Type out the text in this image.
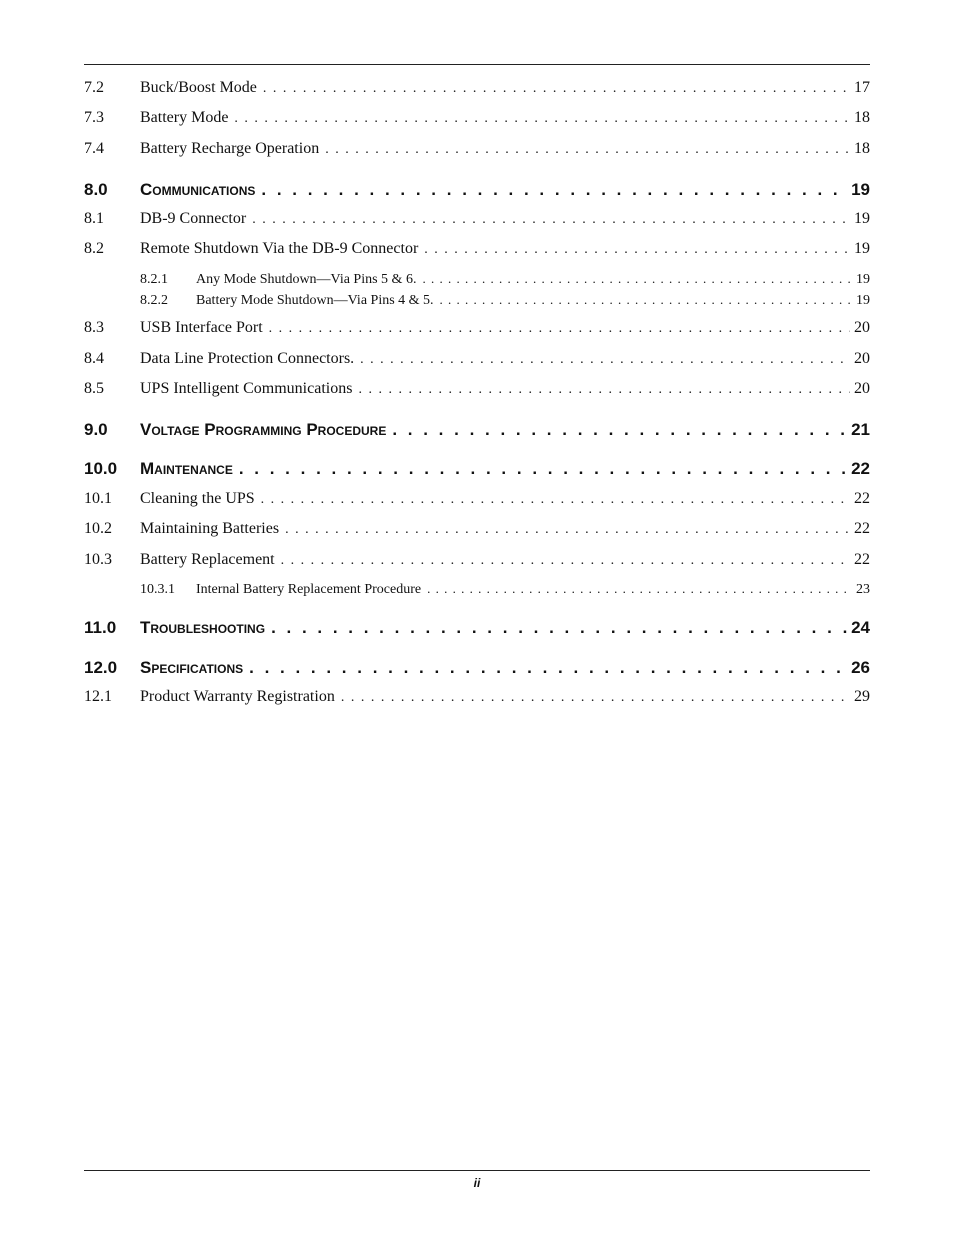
7.2	Buck/Boost Mode . . .	17
7.3	Battery Mode . . .	18
7.4	Battery Recharge Operation . . .	18
8.0	Communications . . .	19
8.1	DB-9 Connector . . .	19
8.2	Remote Shutdown Via the DB-9 Connector . . .	19
8.2.1	Any Mode Shutdown—Via Pins 5 & 6. . . .	19
8.2.2	Battery Mode Shutdown—Via Pins 4 & 5. . . .	19
8.3	USB Interface Port . . .	20
8.4	Data Line Protection Connectors. . . .	20
8.5	UPS Intelligent Communications . . .	20
9.0	Voltage Programming Procedure . . .	21
10.0	Maintenance . . .	22
10.1	Cleaning the UPS . . .	22
10.2	Maintaining Batteries . . .	22
10.3	Battery Replacement . . .	22
10.3.1	Internal Battery Replacement Procedure . . .	23
11.0	Troubleshooting . . .	24
12.0	Specifications . . .	26
12.1	Product Warranty Registration . . .	29
ii
